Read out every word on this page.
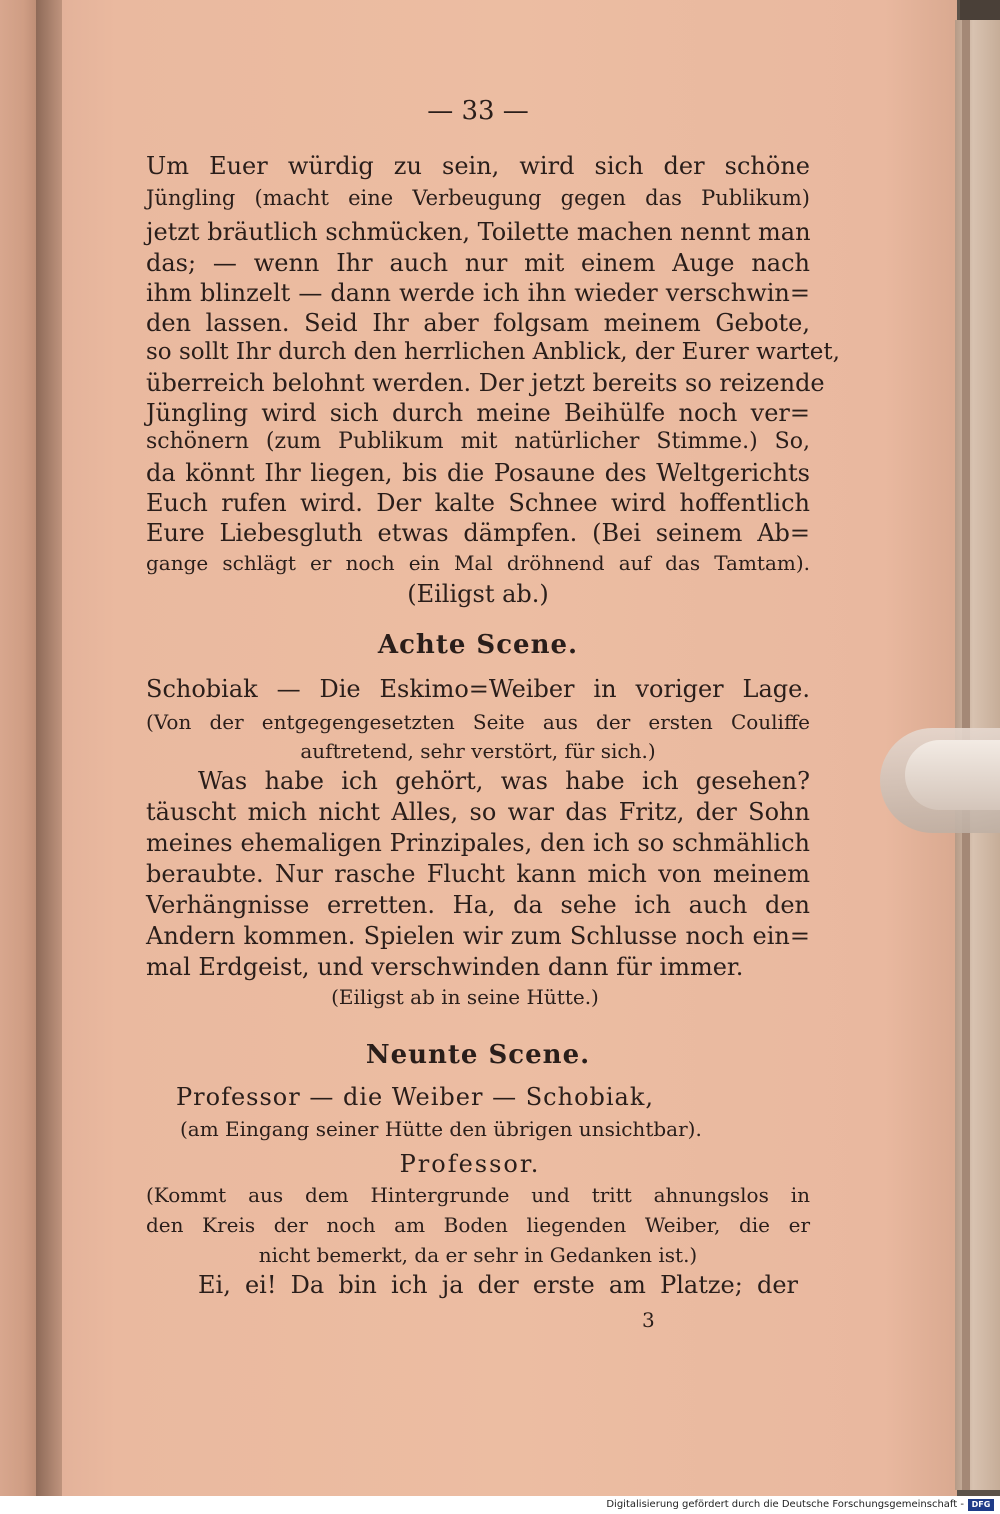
— 33 —
Um Euer würdig zu sein, wird sich der schöne
Jüngling (macht eine Verbeugung gegen das Publikum)
jetzt bräutlich schmücken, Toilette machen nennt man
das; — wenn Ihr auch nur mit einem Auge nach
ihm blinzelt — dann werde ich ihn wieder verschwin=
den lassen. Seid Ihr aber folgsam meinem Gebote,
so sollt Ihr durch den herrlichen Anblick, der Eurer wartet,
überreich belohnt werden. Der jetzt bereits so reizende
Jüngling wird sich durch meine Beihülfe noch ver=
schönern (zum Publikum mit natürlicher Stimme.) So,
da könnt Ihr liegen, bis die Posaune des Weltgerichts
Euch rufen wird. Der kalte Schnee wird hoffentlich
Eure Liebesgluth etwas dämpfen. (Bei seinem Ab=
gange schlägt er noch ein Mal dröhnend auf das Tamtam).
(Eiligst ab.)
Achte Scene.
Schobiak — Die Eskimo=Weiber in voriger Lage.
(Von der entgegengesetzten Seite aus der ersten Couliffe
auftretend, sehr verstört, für sich.)
Was habe ich gehört, was habe ich gesehen?
täuscht mich nicht Alles, so war das Fritz, der Sohn
meines ehemaligen Prinzipales, den ich so schmählich
beraubte. Nur rasche Flucht kann mich von meinem
Verhängnisse erretten. Ha, da sehe ich auch den
Andern kommen. Spielen wir zum Schlusse noch ein=
mal Erdgeist, und verschwinden dann für immer.
(Eiligst ab in seine Hütte.)
Neunte Scene.
Professor — die Weiber — Schobiak,
(am Eingang seiner Hütte den übrigen unsichtbar).
Professor.
(Kommt aus dem Hintergrunde und tritt ahnungslos in
den Kreis der noch am Boden liegenden Weiber, die er
nicht bemerkt, da er sehr in Gedanken ist.)
Ei, ei! Da bin ich ja der erste am Platze; der
3
Digitalisierung gefördert durch die Deutsche Forschungsgemeinschaft - DFG
